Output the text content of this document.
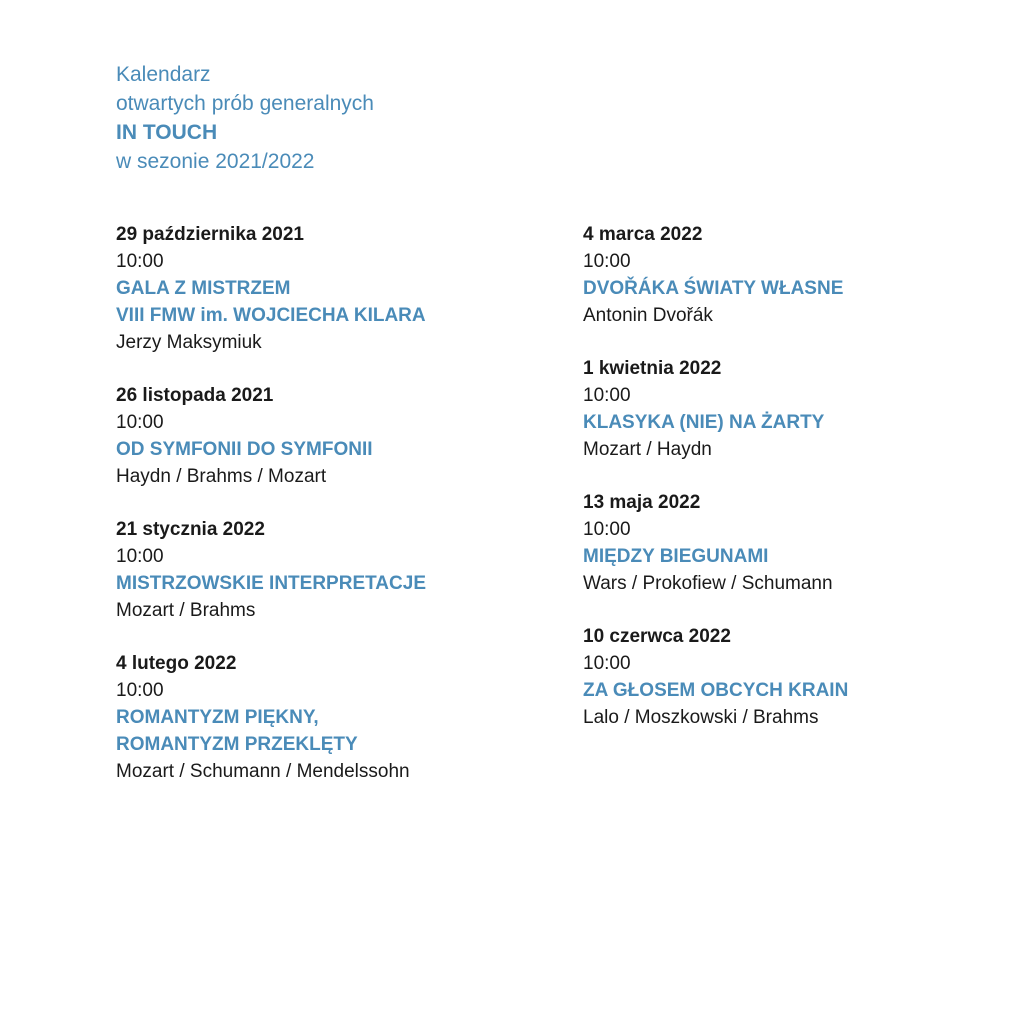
Kalendarz
otwartych prób generalnych
IN TOUCH
w sezonie 2021/2022
29 października 2021
10:00
GALA Z MISTRZEM
VIII FMW im. WOJCIECHA KILARA
Jerzy Maksymiuk
26 listopada 2021
10:00
OD SYMFONII DO SYMFONII
Haydn / Brahms / Mozart
21 stycznia 2022
10:00
MISTRZOWSKIE INTERPRETACJE
Mozart / Brahms
4 lutego 2022
10:00
ROMANTYZM PIĘKNY,
ROMANTYZM PRZEKLĘTY
Mozart / Schumann / Mendelssohn
4 marca 2022
10:00
DVOŘÁKA ŚWIATY WŁASNE
Antonin Dvořák
1 kwietnia 2022
10:00
KLASYKA (NIE) NA ŻARTY
Mozart / Haydn
13 maja 2022
10:00
MIĘDZY BIEGUNAMI
Wars / Prokofiew / Schumann
10 czerwca 2022
10:00
ZA GŁOSEM OBCYCH KRAIN
Lalo / Moszkowski / Brahms
